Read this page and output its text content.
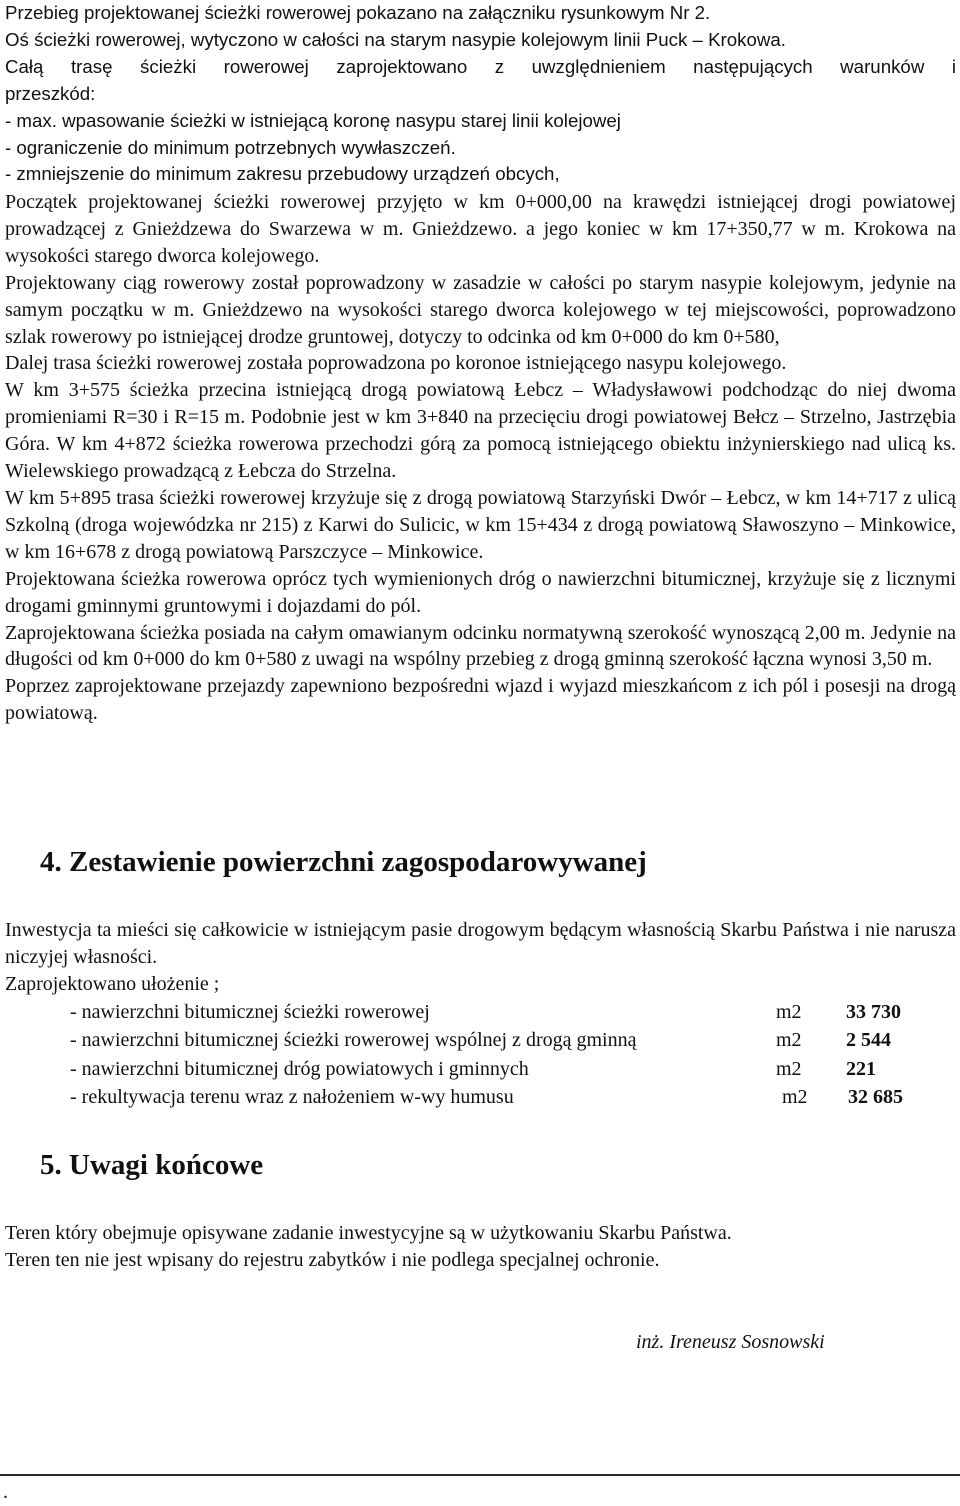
Przebieg projektowanej ścieżki rowerowej pokazano na załączniku rysunkowym Nr 2.

Oś ścieżki rowerowej, wytyczono w całości na starym nasypie kolejowym linii Puck – Krokowa.

Całą trasę ścieżki rowerowej zaprojektowano z uwzględnieniem następujących warunków i

przeszkód:

- max. wpasowanie ścieżki w istniejącą koronę nasypu starej linii kolejowej

- ograniczenie do minimum potrzebnych wywłaszczeń.

- zmniejszenie do minimum zakresu przebudowy urządzeń obcych,

Początek projektowanej ścieżki rowerowej przyjęto w km 0+000,00 na krawędzi istniejącej drogi powiatowej prowadzącej z Gnieżdzewa do Swarzewa w m. Gnieżdzewo. a jego koniec w km 17+350,77 w m. Krokowa na wysokości starego dworca kolejowego.

Projektowany ciąg rowerowy został poprowadzony w zasadzie w całości po starym nasypie kolejowym, jedynie na samym początku w m. Gnieżdzewo na wysokości starego dworca kolejowego w tej miejscowości, poprowadzono szlak rowerowy po istniejącej drodze gruntowej, dotyczy to odcinka od km 0+000 do km 0+580,

Dalej trasa ścieżki rowerowej została poprowadzona po koronoe istniejącego nasypu kolejowego.

W km 3+575 ścieżka przecina istniejącą drogą powiatową Łebcz – Władysławowi podchodząc do niej dwoma promieniami R=30 i R=15 m. Podobnie jest w km 3+840 na przecięciu drogi powiatowej Bełcz – Strzelno, Jastrzębia Góra. W km 4+872 ścieżka rowerowa przechodzi górą za pomocą istniejącego obiektu inżynierskiego nad ulicą ks. Wielewskiego prowadzącą z Łebcza do Strzelna.

W km 5+895 trasa ścieżki rowerowej krzyżuje się z drogą powiatową Starzyński Dwór – Łebcz, w km 14+717 z ulicą Szkolną (droga wojewódzka nr 215) z Karwi do Sulicic, w km 15+434 z drogą powiatową Sławoszyno – Minkowice, w km 16+678 z drogą powiatową Parszczyce – Minkowice.

Projektowana ścieżka rowerowa oprócz tych wymienionych dróg o nawierzchni bitumicznej, krzyżuje się z licznymi drogami gminnymi gruntowymi i dojazdami do pól.

Zaprojektowana ścieżka posiada na całym omawianym odcinku normatywną szerokość wynoszącą 2,00 m. Jedynie na długości od km 0+000 do km 0+580 z uwagi na wspólny przebieg z drogą gminną szerokość łączna wynosi 3,50 m.

Poprzez zaprojektowane przejazdy zapewniono bezpośredni wjazd i wyjazd mieszkańcom z ich pól i posesji na drogą powiatową.

4. Zestawienie powierzchni zagospodarowywanej

Inwestycja ta mieści się całkowicie w istniejącym pasie drogowym będącym własnością Skarbu Państwa i nie narusza niczyjej własności.

Zaprojektowano ułożenie ;

- nawierzchni bitumicznej ścieżki rowerowej	m2 33 730
- nawierzchni bitumicznej ścieżki rowerowej wspólnej z drogą gminną	m2 2 544
- nawierzchni bitumicznej dróg powiatowych i gminnych	m2 221
- rekultywacja terenu wraz z nałożeniem w-wy humusu	m2 32 685
5. Uwagi końcowe

Teren który obejmuje opisywane zadanie inwestycyjne są w użytkowaniu Skarbu Państwa.

Teren ten nie jest wpisany do rejestru zabytków i nie podlega specjalnej ochronie.

inż. Ireneusz Sosnowski
.
